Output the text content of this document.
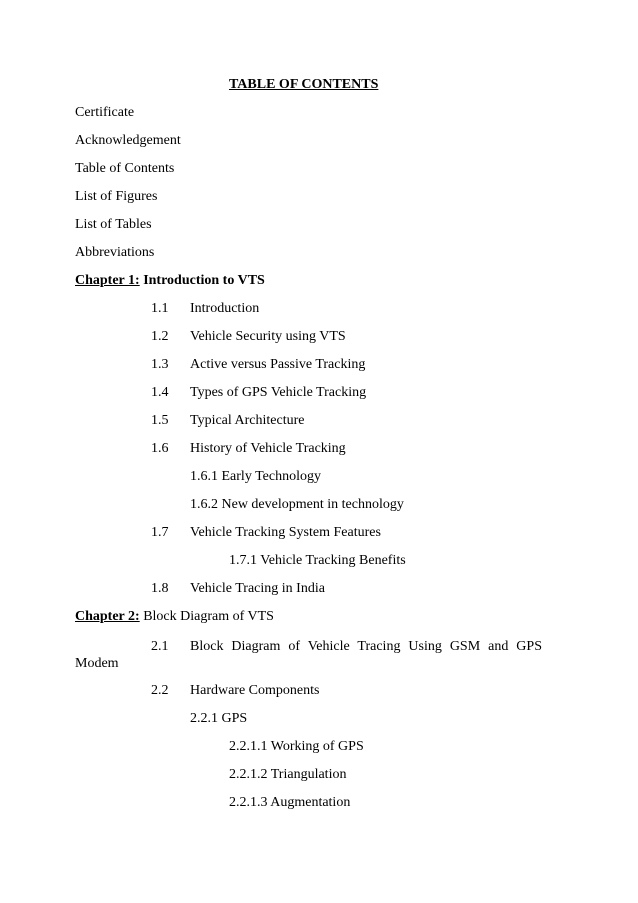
TABLE OF CONTENTS
Certificate
Acknowledgement
Table of Contents
List of Figures
List of Tables
Abbreviations
Chapter 1: Introduction to VTS
1.1 Introduction
1.2 Vehicle Security using VTS
1.3 Active versus Passive Tracking
1.4 Types of GPS Vehicle Tracking
1.5 Typical Architecture
1.6 History of Vehicle Tracking
1.6.1 Early Technology
1.6.2 New development in technology
1.7 Vehicle Tracking System Features
1.7.1 Vehicle Tracking Benefits
1.8 Vehicle Tracing in India
Chapter 2: Block Diagram of VTS
2.1 Block Diagram of Vehicle Tracing Using GSM and GPS
Modem
2.2 Hardware Components
2.2.1 GPS
2.2.1.1 Working of GPS
2.2.1.2 Triangulation
2.2.1.3 Augmentation
